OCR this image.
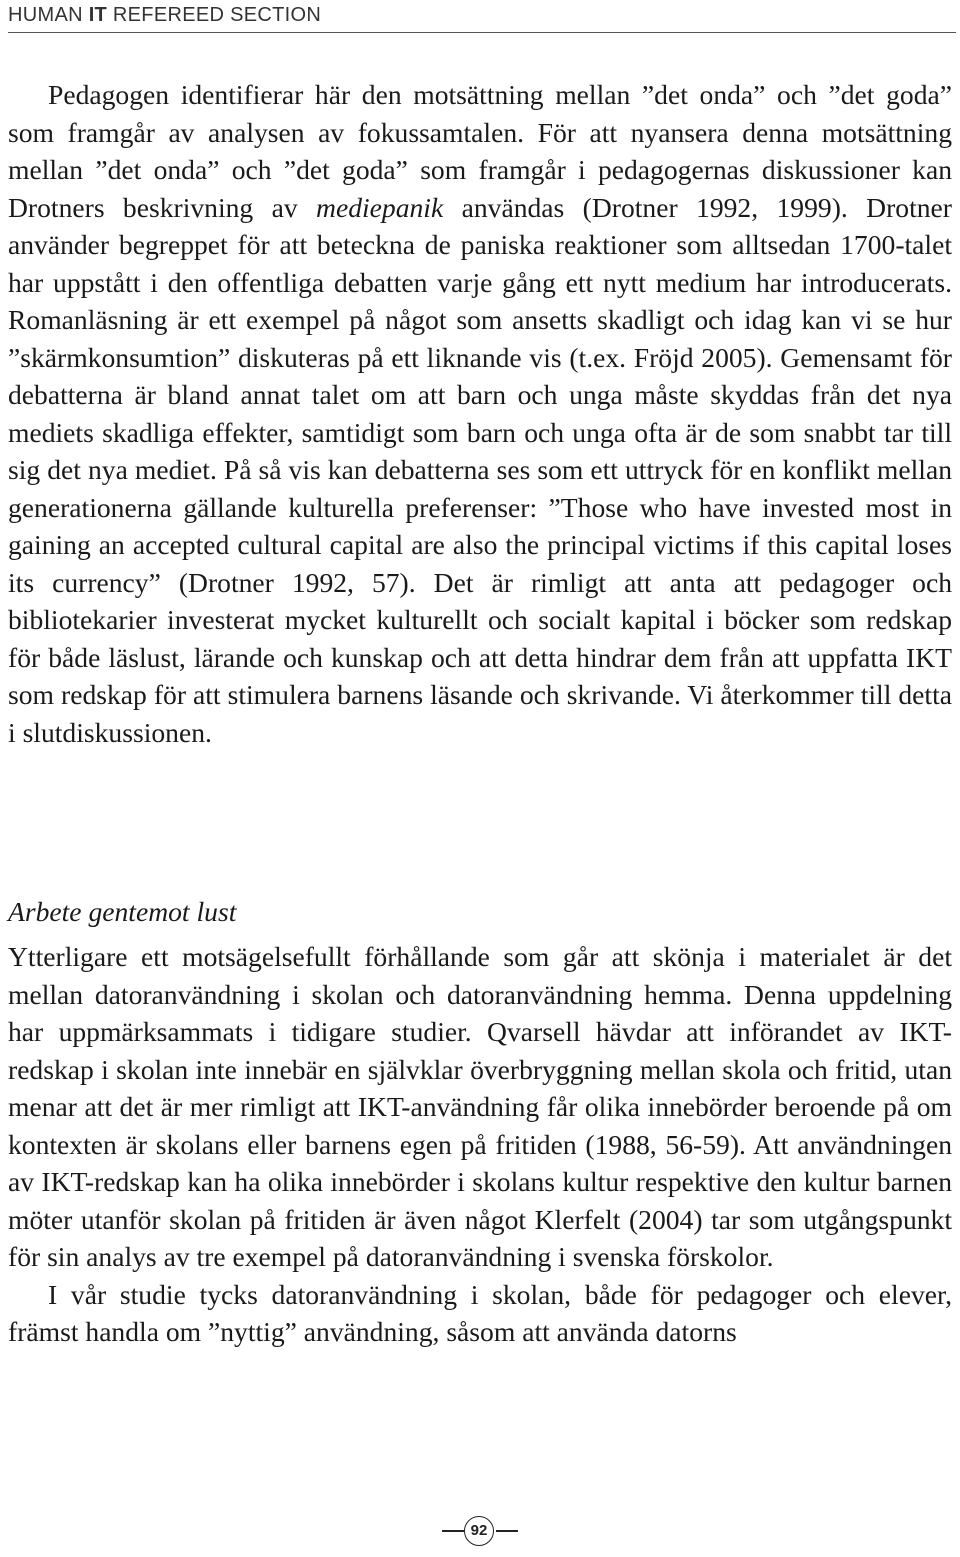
HUMAN IT REFEREED SECTION

Pedagogen identifierar här den motsättning mellan ”det onda” och ”det goda” som framgår av analysen av fokussamtalen. För att nyansera denna motsättning mellan ”det onda” och ”det goda” som framgår i pedagogernas diskussioner kan Drotners beskrivning av mediepanik användas (Drotner 1992, 1999). Drotner använder begreppet för att beteckna de paniska reaktioner som alltsedan 1700-talet har uppstått i den offentliga debatten varje gång ett nytt medium har introducerats. Romanläsning är ett exempel på något som ansetts skadligt och idag kan vi se hur ”skärmkonsumtion” diskuteras på ett liknande vis (t.ex. Fröjd 2005). Gemensamt för debatterna är bland annat talet om att barn och unga måste skyddas från det nya mediets skadliga effekter, samtidigt som barn och unga ofta är de som snabbt tar till sig det nya mediet. På så vis kan debatterna ses som ett uttryck för en konflikt mellan generationerna gällande kulturella preferenser: ”Those who have invested most in gaining an accepted cultural capital are also the principal victims if this capital loses its currency” (Drotner 1992, 57). Det är rimligt att anta att pedagoger och bibliotekarier investerat mycket kulturellt och socialt kapital i böcker som redskap för både läslust, lärande och kunskap och att detta hindrar dem från att uppfatta IKT som redskap för att stimulera barnens läsande och skrivande. Vi återkommer till detta i slutdiskussionen.

Arbete gentemot lust

Ytterligare ett motsägelsefullt förhållande som går att skönja i materialet är det mellan datoranvändning i skolan och datoranvändning hemma. Denna uppdelning har uppmärksammats i tidigare studier. Qvarsell hävdar att införandet av IKT-redskap i skolan inte innebär en självklar överbryggning mellan skola och fritid, utan menar att det är mer rimligt att IKT-användning får olika innebörder beroende på om kontexten är skolans eller barnens egen på fritiden (1988, 56-59). Att användningen av IKT-redskap kan ha olika innebörder i skolans kultur respektive den kultur barnen möter utanför skolan på fritiden är även något Klerfelt (2004) tar som utgångspunkt för sin analys av tre exempel på datoranvändning i svenska förskolor.

I vår studie tycks datoranvändning i skolan, både för pedagoger och elever, främst handla om ”nyttig” användning, såsom att använda datorns

92
